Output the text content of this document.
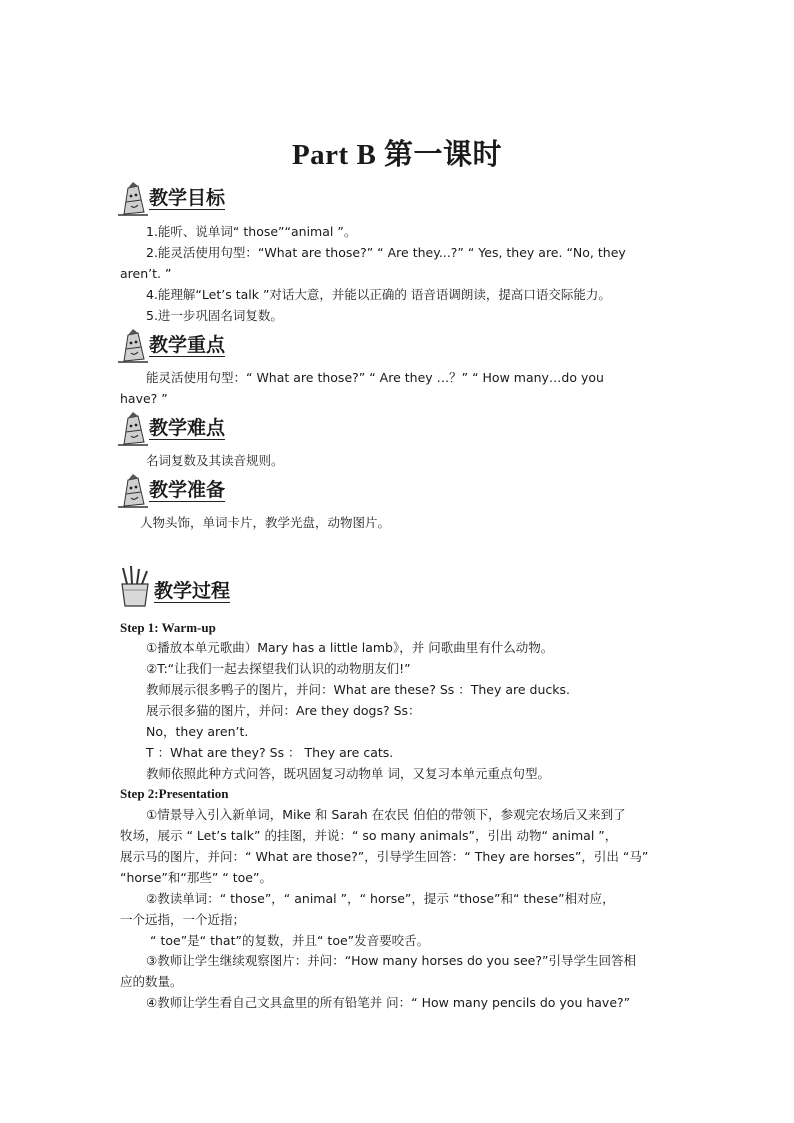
Part B 第一课时
教学目标
1.能听、说单词“ those”“animal ”。
2.能灵活使用句型：“What are those?” “ Are they...?” “ Yes, they are. “No, they
aren’t. ”
4.能理解“Let’s talk ”对话大意，并能以正确的 语音语调朗读，提高口语交际能力。
5.进一步巩固名词复数。
教学重点
能灵活使用句型：“ What are those?” “ Are they …？” “ How many…do you
have? ”
教学难点
名词复数及其读音规则。
教学准备
人物头饰，单词卡片，教学光盘，动物图片。
教学过程
Step 1: Warm-up
①播放本单元歌曲）Mary has a little lamb》，并 问歌曲里有什么动物。
②T:“让我们一起去探望我们认识的动物朋友们!”
教师展示很多鸭子的图片，并问：What are these? Ss ：They are ducks.
展示很多猫的图片，并问：Are they dogs? Ss：
No，they aren’t.
T ：What are they? Ss ： They are cats.
教师依照此种方式问答，既巩固复习动物单 词，又复习本单元重点句型。
Step 2:Presentation
①情景导入引入新单词，Mike 和 Sarah 在农民 伯伯的带领下，参观完农场后又来到了
牧场，展示 “ Let’s talk” 的挂图，并说：“ so many animals”，引出 动物“ animal ”，
展示马的图片，并问：“ What are those?”，引导学生回答：“ They are horses”，引出 “马”
“horse”和“那些” “ toe”。
②教读单词：“ those”，“ animal ”，“ horse”，提示 “those”和“ these”相对应，
一个远指，一个近指；
“ toe”是“ that”的复数，并且“ toe”发音要咬舌。
③教师让学生继续观察图片：并问：“How many horses do you see?”引导学生回答相
应的数量。
④教师让学生看自己文具盒里的所有铅笔并 问：“ How many pencils do you have?”
